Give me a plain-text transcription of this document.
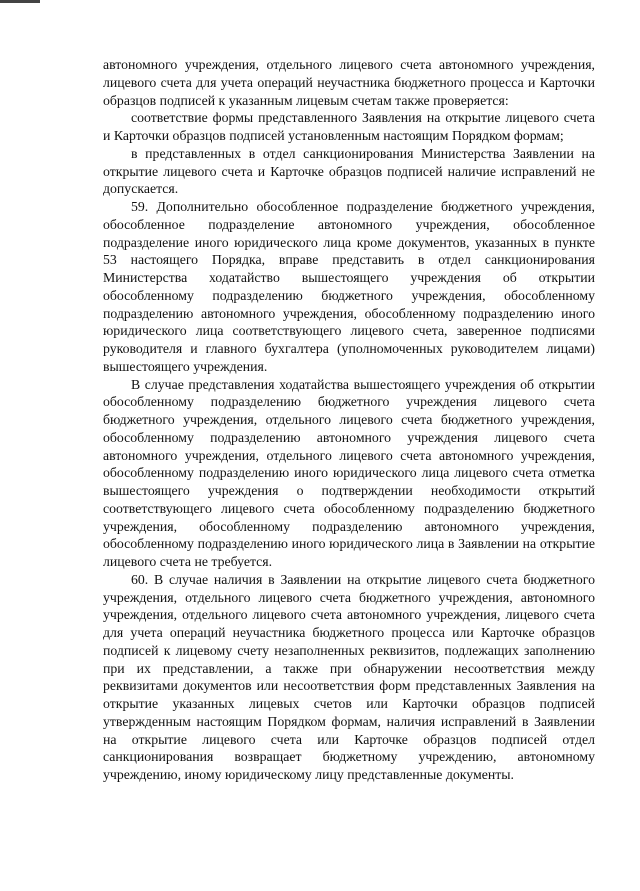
автономного учреждения, отдельного лицевого счета автономного учреждения, лицевого счета для учета операций неучастника бюджетного процесса и Карточки образцов подписей к указанным лицевым счетам также проверяется:

соответствие формы представленного Заявления на открытие лицевого счета и Карточки образцов подписей установленным настоящим Порядком формам;

в представленных в отдел санкционирования Министерства Заявлении на открытие лицевого счета и Карточке образцов подписей наличие исправлений не допускается.

59. Дополнительно обособленное подразделение бюджетного учреждения, обособленное подразделение автономного учреждения, обособленное подразделение иного юридического лица кроме документов, указанных в пункте 53 настоящего Порядка, вправе представить в отдел санкционирования Министерства ходатайство вышестоящего учреждения об открытии обособленному подразделению бюджетного учреждения, обособленному подразделению автономного учреждения, обособленному подразделению иного юридического лица соответствующего лицевого счета, заверенное подписями руководителя и главного бухгалтера (уполномоченных руководителем лицами) вышестоящего учреждения.

В случае представления ходатайства вышестоящего учреждения об открытии обособленному подразделению бюджетного учреждения лицевого счета бюджетного учреждения, отдельного лицевого счета бюджетного учреждения, обособленному подразделению автономного учреждения лицевого счета автономного учреждения, отдельного лицевого счета автономного учреждения, обособленному подразделению иного юридического лица лицевого счета отметка вышестоящего учреждения о подтверждении необходимости открытий соответствующего лицевого счета обособленному подразделению бюджетного учреждения, обособленному подразделению автономного учреждения, обособленному подразделению иного юридического лица в Заявлении на открытие лицевого счета не требуется.

60. В случае наличия в Заявлении на открытие лицевого счета бюджетного учреждения, отдельного лицевого счета бюджетного учреждения, автономного учреждения, отдельного лицевого счета автономного учреждения, лицевого счета для учета операций неучастника бюджетного процесса или Карточке образцов подписей к лицевому счету незаполненных реквизитов, подлежащих заполнению при их представлении, а также при обнаружении несоответствия между реквизитами документов или несоответствия форм представленных Заявления на открытие указанных лицевых счетов или Карточки образцов подписей утвержденным настоящим Порядком формам, наличия исправлений в Заявлении на открытие лицевого счета или Карточке образцов подписей отдел санкционирования возвращает бюджетному учреждению, автономному учреждению, иному юридическому лицу представленные документы.
